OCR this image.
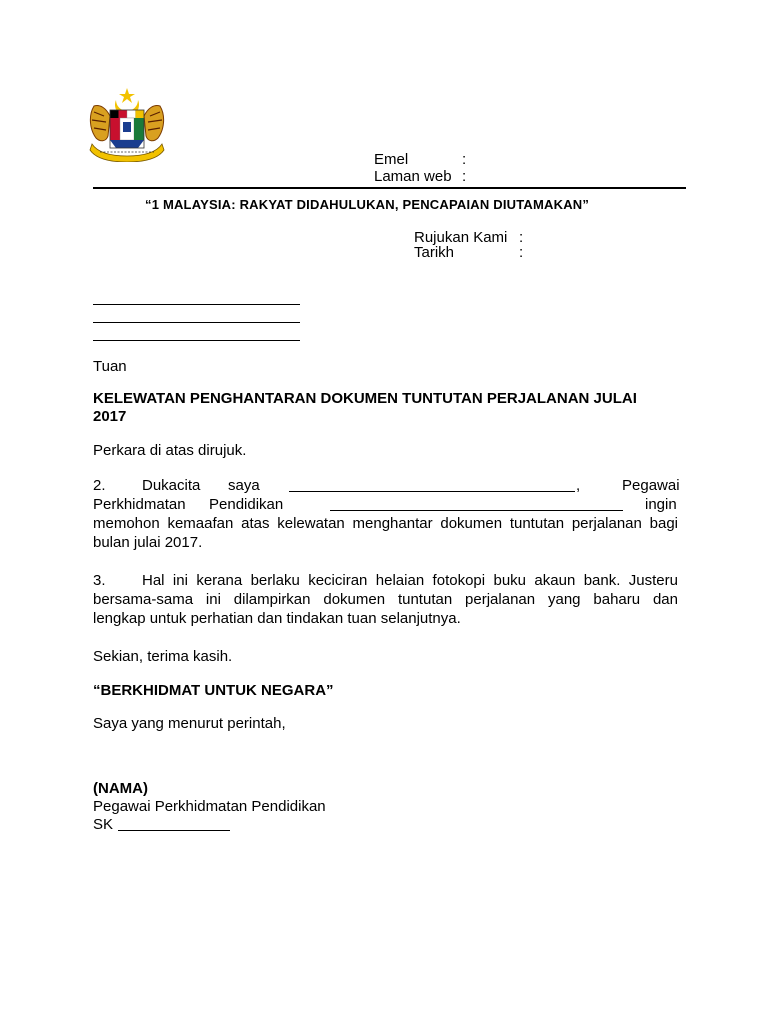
Emel	:
Laman web :
“1 MALAYSIA: RAKYAT DIDAHULUKAN, PENCAPAIAN DIUTAMAKAN”
Rujukan Kami :
Tarikh	:
Tuan
KELEWATAN PENGHANTARAN DOKUMEN TUNTUTAN PERJALANAN JULAI
2017
Perkara di atas dirujuk.
2. Dukacita saya	,	Pegawai
Perkhidmatan Pendidikan	ingin
memohon kemaafan atas kelewatan menghantar dokumen tuntutan perjalanan bagi
bulan julai 2017.
3. Hal ini kerana berlaku keciciran helaian fotokopi buku akaun bank. Justeru
bersama-sama ini dilampirkan dokumen tuntutan perjalanan yang baharu dan
lengkap untuk perhatian dan tindakan tuan selanjutnya.
Sekian, terima kasih.
“BERKHIDMAT UNTUK NEGARA”
Saya yang menurut perintah,
(NAMA)
Pegawai Perkhidmatan Pendidikan
SK
